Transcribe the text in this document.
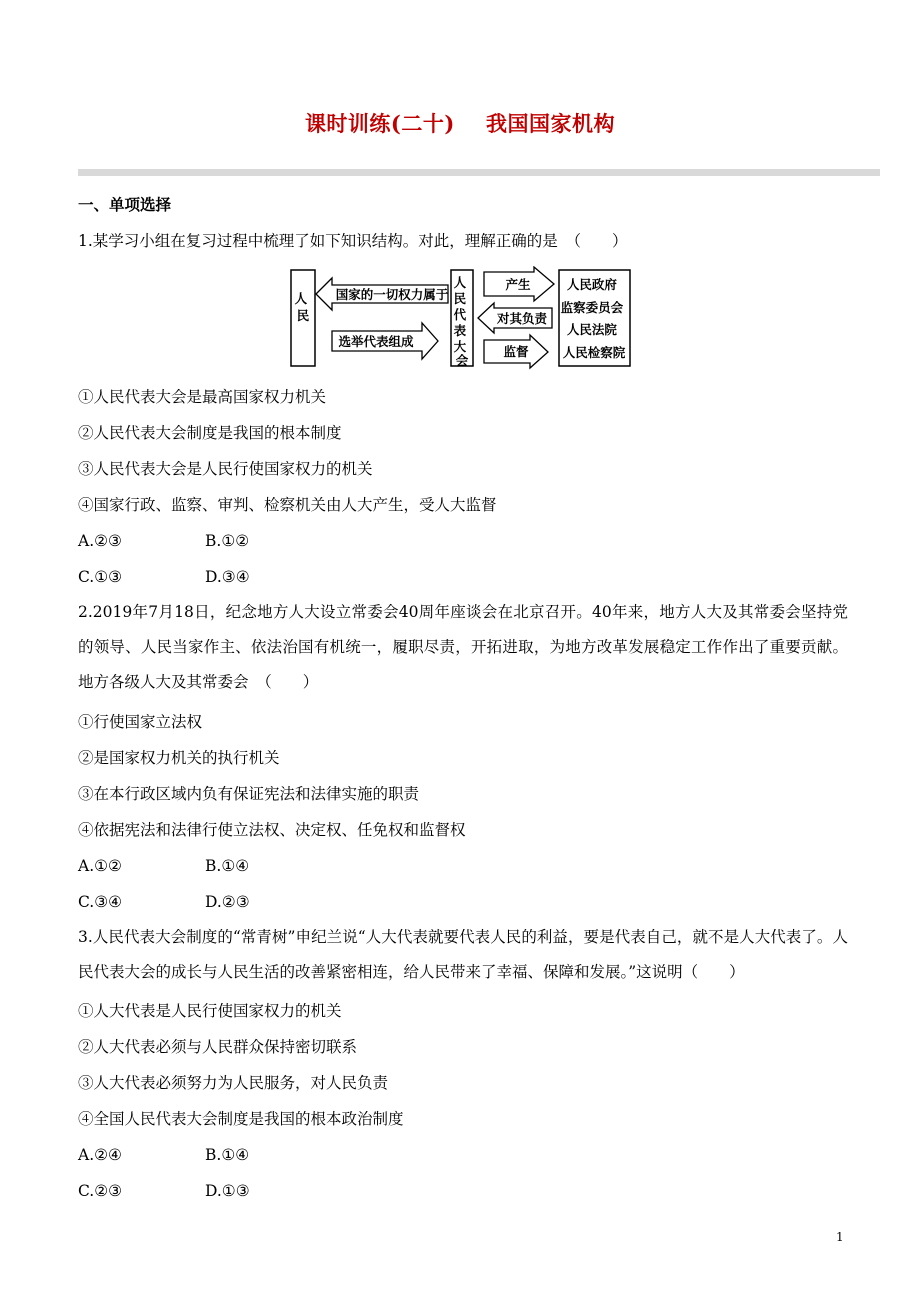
课时训练(二十)    我国国家机构
一、单项选择
1.某学习小组在复习过程中梳理了如下知识结构。对此，理解正确的是　（　　）
人 民
国家的一切权力属于
选举代表组成
人 民 代 表 大 会
产生
对其负责
监督
人民政府 监察委员会 人民法院 人民检察院
①人民代表大会是最高国家权力机关
②人民代表大会制度是我国的根本制度
③人民代表大会是人民行使国家权力的机关
④国家行政、监察、审判、检察机关由人大产生，受人大监督
A.②③	B.①②
C.①③	D.③④
2.2019年7月18日，纪念地方人大设立常委会40周年座谈会在北京召开。40年来，地方人大及其常委会坚持党的领导、人民当家作主、依法治国有机统一，履职尽责，开拓进取，为地方改革发展稳定工作作出了重要贡献。地方各级人大及其常委会　（　　）
①行使国家立法权
②是国家权力机关的执行机关
③在本行政区域内负有保证宪法和法律实施的职责
④依据宪法和法律行使立法权、决定权、任免权和监督权
A.①②	B.①④
C.③④	D.②③
3.人民代表大会制度的“常青树”申纪兰说“人大代表就要代表人民的利益，要是代表自己，就不是人大代表了。人民代表大会的成长与人民生活的改善紧密相连，给人民带来了幸福、保障和发展。”这说明（　　）
①人大代表是人民行使国家权力的机关
②人大代表必须与人民群众保持密切联系
③人大代表必须努力为人民服务，对人民负责
④全国人民代表大会制度是我国的根本政治制度
A.②④	B.①④
C.②③	D.①③
1
